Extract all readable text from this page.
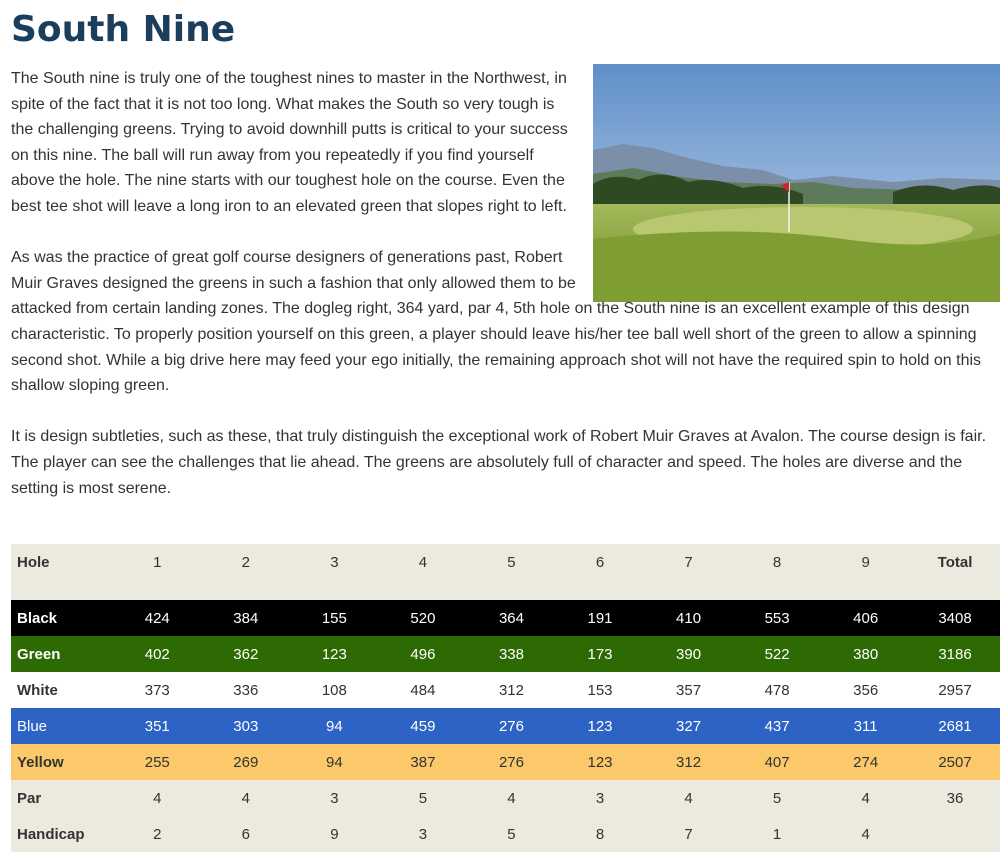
South Nine

The South nine is truly one of the toughest nines to master in the Northwest, in spite of the fact that it is not too long. What makes the South so very tough is the challenging greens. Trying to avoid downhill putts is critical to your success on this nine. The ball will run away from you repeatedly if you find yourself above the hole. The nine starts with our toughest hole on the course. Even the best tee shot will leave a long iron to an elevated green that slopes right to left.

As was the practice of great golf course designers of generations past, Robert Muir Graves designed the greens in such a fashion that only allowed them to be attacked from certain landing zones. The dogleg right, 364 yard, par 4, 5th hole on the South nine is an excellent example of this design characteristic. To properly position yourself on this green, a player should leave his/her tee ball well short of the green to allow a spinning second shot. While a big drive here may feed your ego initially, the remaining approach shot will not have the required spin to hold on this shallow sloping green.

It is design subtleties, such as these, that truly distinguish the exceptional work of Robert Muir Graves at Avalon. The course design is fair. The player can see the challenges that lie ahead. The greens are absolutely full of character and speed. The holes are diverse and the setting is most serene.

Hole	1	2	3	4	5	6	7	8	9	Total

Black	424	384	155	520	364	191	410	553	406	3408
Green	402	362	123	496	338	173	390	522	380	3186
White	373	336	108	484	312	153	357	478	356	2957
Blue	351	303	94	459	276	123	327	437	311	2681
Yellow	255	269	94	387	276	123	312	407	274	2507
Par	4	4	3	5	4	3	4	5	4	36
Handicap	2	6	9	3	5	8	7	1	4	
